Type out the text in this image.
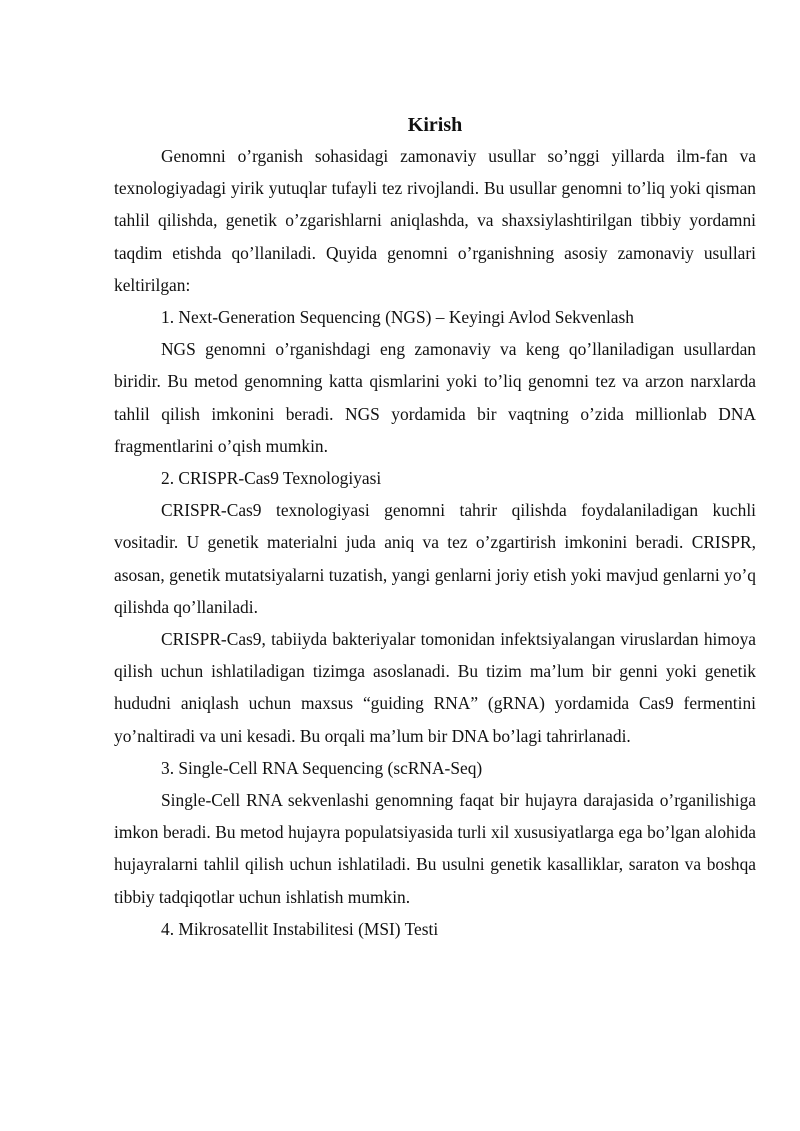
Kirish

Genomni o’rganish sohasidagi zamonaviy usullar so’nggi yillarda ilm-fan va texnologiyadagi yirik yutuqlar tufayli tez rivojlandi. Bu usullar genomni to’liq yoki qisman tahlil qilishda, genetik o’zgarishlarni aniqlashda, va shaxsiylashtirilgan tibbiy yordamni taqdim etishda qo’llaniladi. Quyida genomni o’rganishning asosiy zamonaviy usullari keltirilgan:

1. Next-Generation Sequencing (NGS) – Keyingi Avlod Sekvenlash

NGS genomni o’rganishdagi eng zamonaviy va keng qo’llaniladigan usullardan biridir. Bu metod genomning katta qismlarini yoki to’liq genomni tez va arzon narxlarda tahlil qilish imkonini beradi. NGS yordamida bir vaqtning o’zida millionlab DNA fragmentlarini o’qish mumkin.

2. CRISPR-Cas9 Texnologiyasi

CRISPR-Cas9 texnologiyasi genomni tahrir qilishda foydalaniladigan kuchli vositadir. U genetik materialni juda aniq va tez o’zgartirish imkonini beradi. CRISPR, asosan, genetik mutatsiyalarni tuzatish, yangi genlarni joriy etish yoki mavjud genlarni yo’q qilishda qo’llaniladi.

CRISPR-Cas9, tabiiyda bakteriyalar tomonidan infektsiyalangan viruslardan himoya qilish uchun ishlatiladigan tizimga asoslanadi. Bu tizim ma’lum bir genni yoki genetik hududni aniqlash uchun maxsus “guiding RNA” (gRNA) yordamida Cas9 fermentini yo’naltiradi va uni kesadi. Bu orqali ma’lum bir DNA bo’lagi tahrirlanadi.

3. Single-Cell RNA Sequencing (scRNA-Seq)

Single-Cell RNA sekvenlashi genomning faqat bir hujayra darajasida o’rganilishiga imkon beradi. Bu metod hujayra populatsiyasida turli xil xususiyatlarga ega bo’lgan alohida hujayralarni tahlil qilish uchun ishlatiladi. Bu usulni genetik kasalliklar, saraton va boshqa tibbiy tadqiqotlar uchun ishlatish mumkin.

4. Mikrosatellit Instabilitesi (MSI) Testi
